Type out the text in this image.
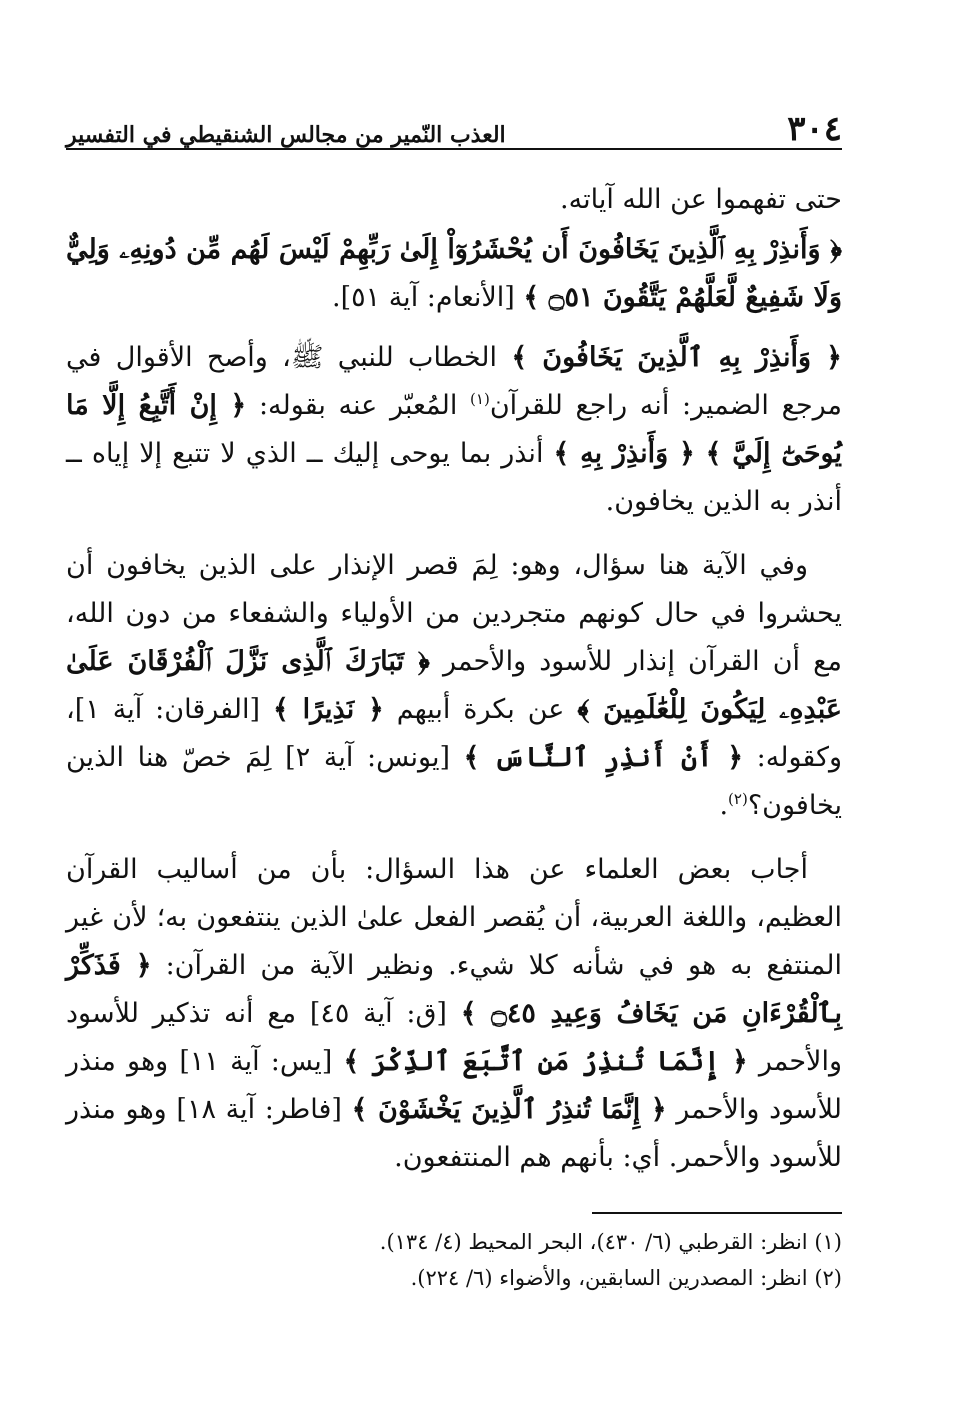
٣٠٤
العذب النّمير من مجالس الشنقيطي في التفسير

حتى تفهموا عن الله آياته.

﴿ وَأَنذِرْ بِهِ ٱلَّذِينَ يَخَافُونَ أَن يُحْشَرُوٓاْ إِلَىٰ رَبِّهِمْ لَيْسَ لَهُم مِّن دُونِهِۦ وَلِيٌّ وَلَا شَفِيعٌ لَّعَلَّهُمْ يَتَّقُونَ ۝٥١ ﴾ [الأنعام: آية ٥١].

﴿ وَأَنذِرْ بِهِ ٱلَّذِينَ يَخَافُونَ ﴾ الخطاب للنبي ﷺ، وأصح الأقوال في مرجع الضمير: أنه راجع للقرآن$^{(١)}$ المُعبّر عنه بقوله: ﴿ إِنْ أَتَّبِعُ إِلَّا مَا يُوحَىٰٓ إِلَيَّ ﴾ ﴿ وَأَنذِرْ بِهِ ﴾ أنذر بما يوحى إليك ــ الذي لا تتبع إلا إياه ــ أنذر به الذين يخافون.

وفي الآية هنا سؤال، وهو: لِمَ قصر الإنذار على الذين يخافون أن يحشروا في حال كونهم متجردين من الأولياء والشفعاء من دون الله، مع أن القرآن إنذار للأسود والأحمر ﴿ تَبَارَكَ ٱلَّذِى نَزَّلَ ٱلْفُرْقَانَ عَلَىٰ عَبْدِهِۦ لِيَكُونَ لِلْعَٰلَمِينَ ﴾ عن بكرة أبيهم ﴿ نَذِيرًا ﴾ [الفرقان: آية ١]، وكقوله: ﴿ أَنْ أَنذِرِ ٱلنَّاسَ ﴾ [يونس: آية ٢] لِمَ خصّ هنا الذين يخافون؟$^{(٢)}$.

أجاب بعض العلماء عن هذا السؤال: بأن من أساليب القرآن العظيم، واللغة العربية، أن يُقصر الفعل علىٰ الذين ينتفعون به؛ لأن غير المنتفع به هو في شأنه كلا شيء. ونظير الآية من القرآن: ﴿ فَذَكِّرْ بِٱلْقُرْءَانِ مَن يَخَافُ وَعِيدِ ۝٤٥ ﴾ [ق: آية ٤٥] مع أنه تذكير للأسود والأحمر ﴿ إِنَّمَا تُنذِرُ مَنِ ٱتَّبَعَ ٱلذِّكْرَ ﴾ [يس: آية ١١] وهو منذر للأسود والأحمر ﴿ إِنَّمَا تُنذِرُ ٱلَّذِينَ يَخْشَوْنَ ﴾ [فاطر: آية ١٨] وهو منذر للأسود والأحمر. أي: بأنهم هم المنتفعون.

(١) انظر: القرطبي (٦/ ٤٣٠)، البحر المحيط (٤/ ١٣٤).

(٢) انظر: المصدرين السابقين، والأضواء (٦/ ٢٢٤).
